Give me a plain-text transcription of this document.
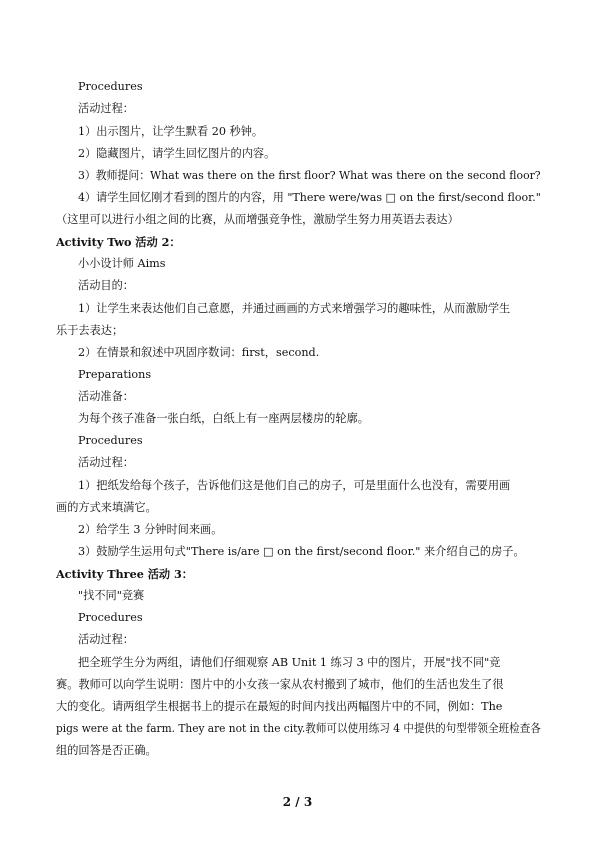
Procedures
活动过程：
1）出示图片，让学生默看 20 秒钟。
2）隐藏图片，请学生回忆图片的内容。
3）教师提问：What was there on the first floor? What was there on the second floor?
4）请学生回忆刚才看到的图片的内容，用 "There were/was □ on the first/second floor."
（这里可以进行小组之间的比赛，从而增强竞争性，激励学生努力用英语去表达）
Activity Two 活动 2：
小小设计师 Aims
活动目的：
1）让学生来表达他们自己意愿，并通过画画的方式来增强学习的趣味性，从而激励学生
乐于去表达；
2）在情景和叙述中巩固序数词：first，second.
Preparations
活动准备：
为每个孩子准备一张白纸，白纸上有一座两层楼房的轮廓。
Procedures
活动过程：
1）把纸发给每个孩子，告诉他们这是他们自己的房子，可是里面什么也没有，需要用画
画的方式来填满它。
2）给学生 3 分钟时间来画。
3）鼓励学生运用句式"There is/are □ on the first/second floor." 来介绍自己的房子。
Activity Three 活动 3：
"找不同"竞赛
Procedures
活动过程：
把全班学生分为两组，请他们仔细观察 AB Unit 1 练习 3 中的图片，开展"找不同"竞
赛。教师可以向学生说明：图片中的小女孩一家从农村搬到了城市，他们的生活也发生了很
大的变化。请两组学生根据书上的提示在最短的时间内找出两幅图片中的不同，例如：The
pigs were at the farm. They are not in the city.教师可以使用练习 4 中提供的句型带领全班检查各
组的回答是否正确。
2 / 3
